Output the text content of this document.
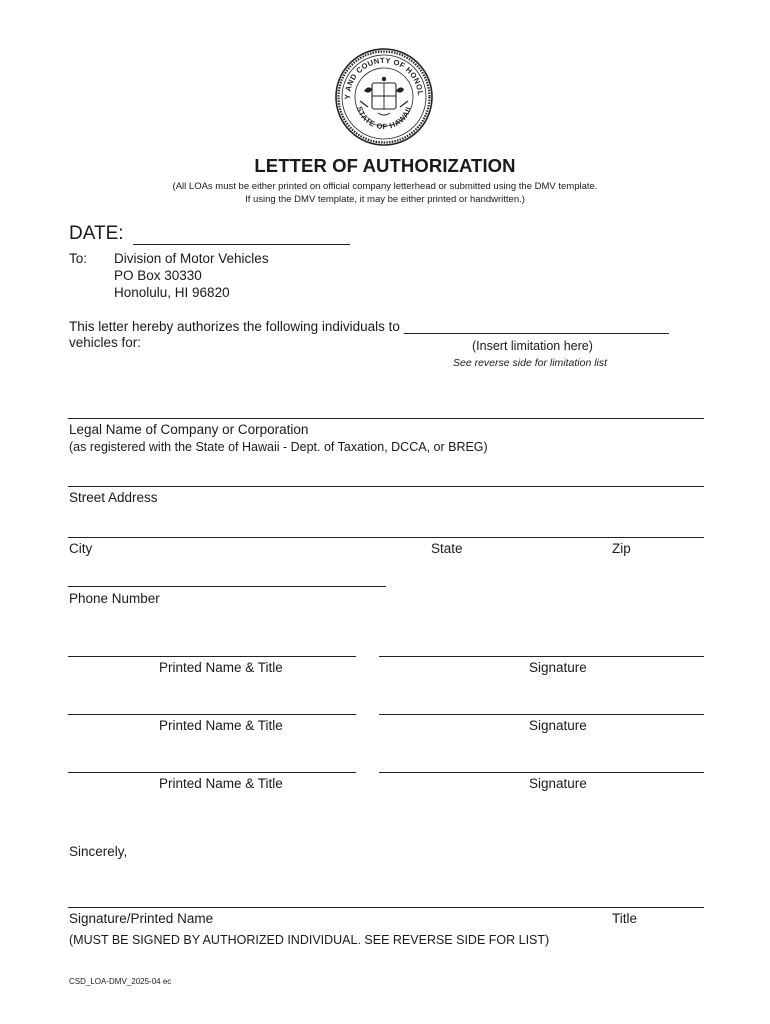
Y AND COUNTY OF HONOL
STATE OF HAWAII
LETTER OF AUTHORIZATION
(All LOAs must be either printed on official company letterhead or submitted using the DMV template.
If using the DMV template, it may be either printed or handwritten.)
DATE:
To: Division of Motor Vehicles
PO Box 30330
Honolulu, HI 96820
This letter hereby authorizes the following individuals to
vehicles for:	(Insert limitation here)
See reverse side for limitation list
Legal Name of Company or Corporation
(as registered with the State of Hawaii - Dept. of Taxation, DCCA, or BREG)
Street Address
City	State	Zip
Phone Number
Printed Name & Title	Signature
Printed Name & Title	Signature
Printed Name & Title	Signature
Sincerely,
Signature/Printed Name	Title
(MUST BE SIGNED BY AUTHORIZED INDIVIDUAL. SEE REVERSE SIDE FOR LIST)
CSD_LOA-DMV_2025-04 ec
